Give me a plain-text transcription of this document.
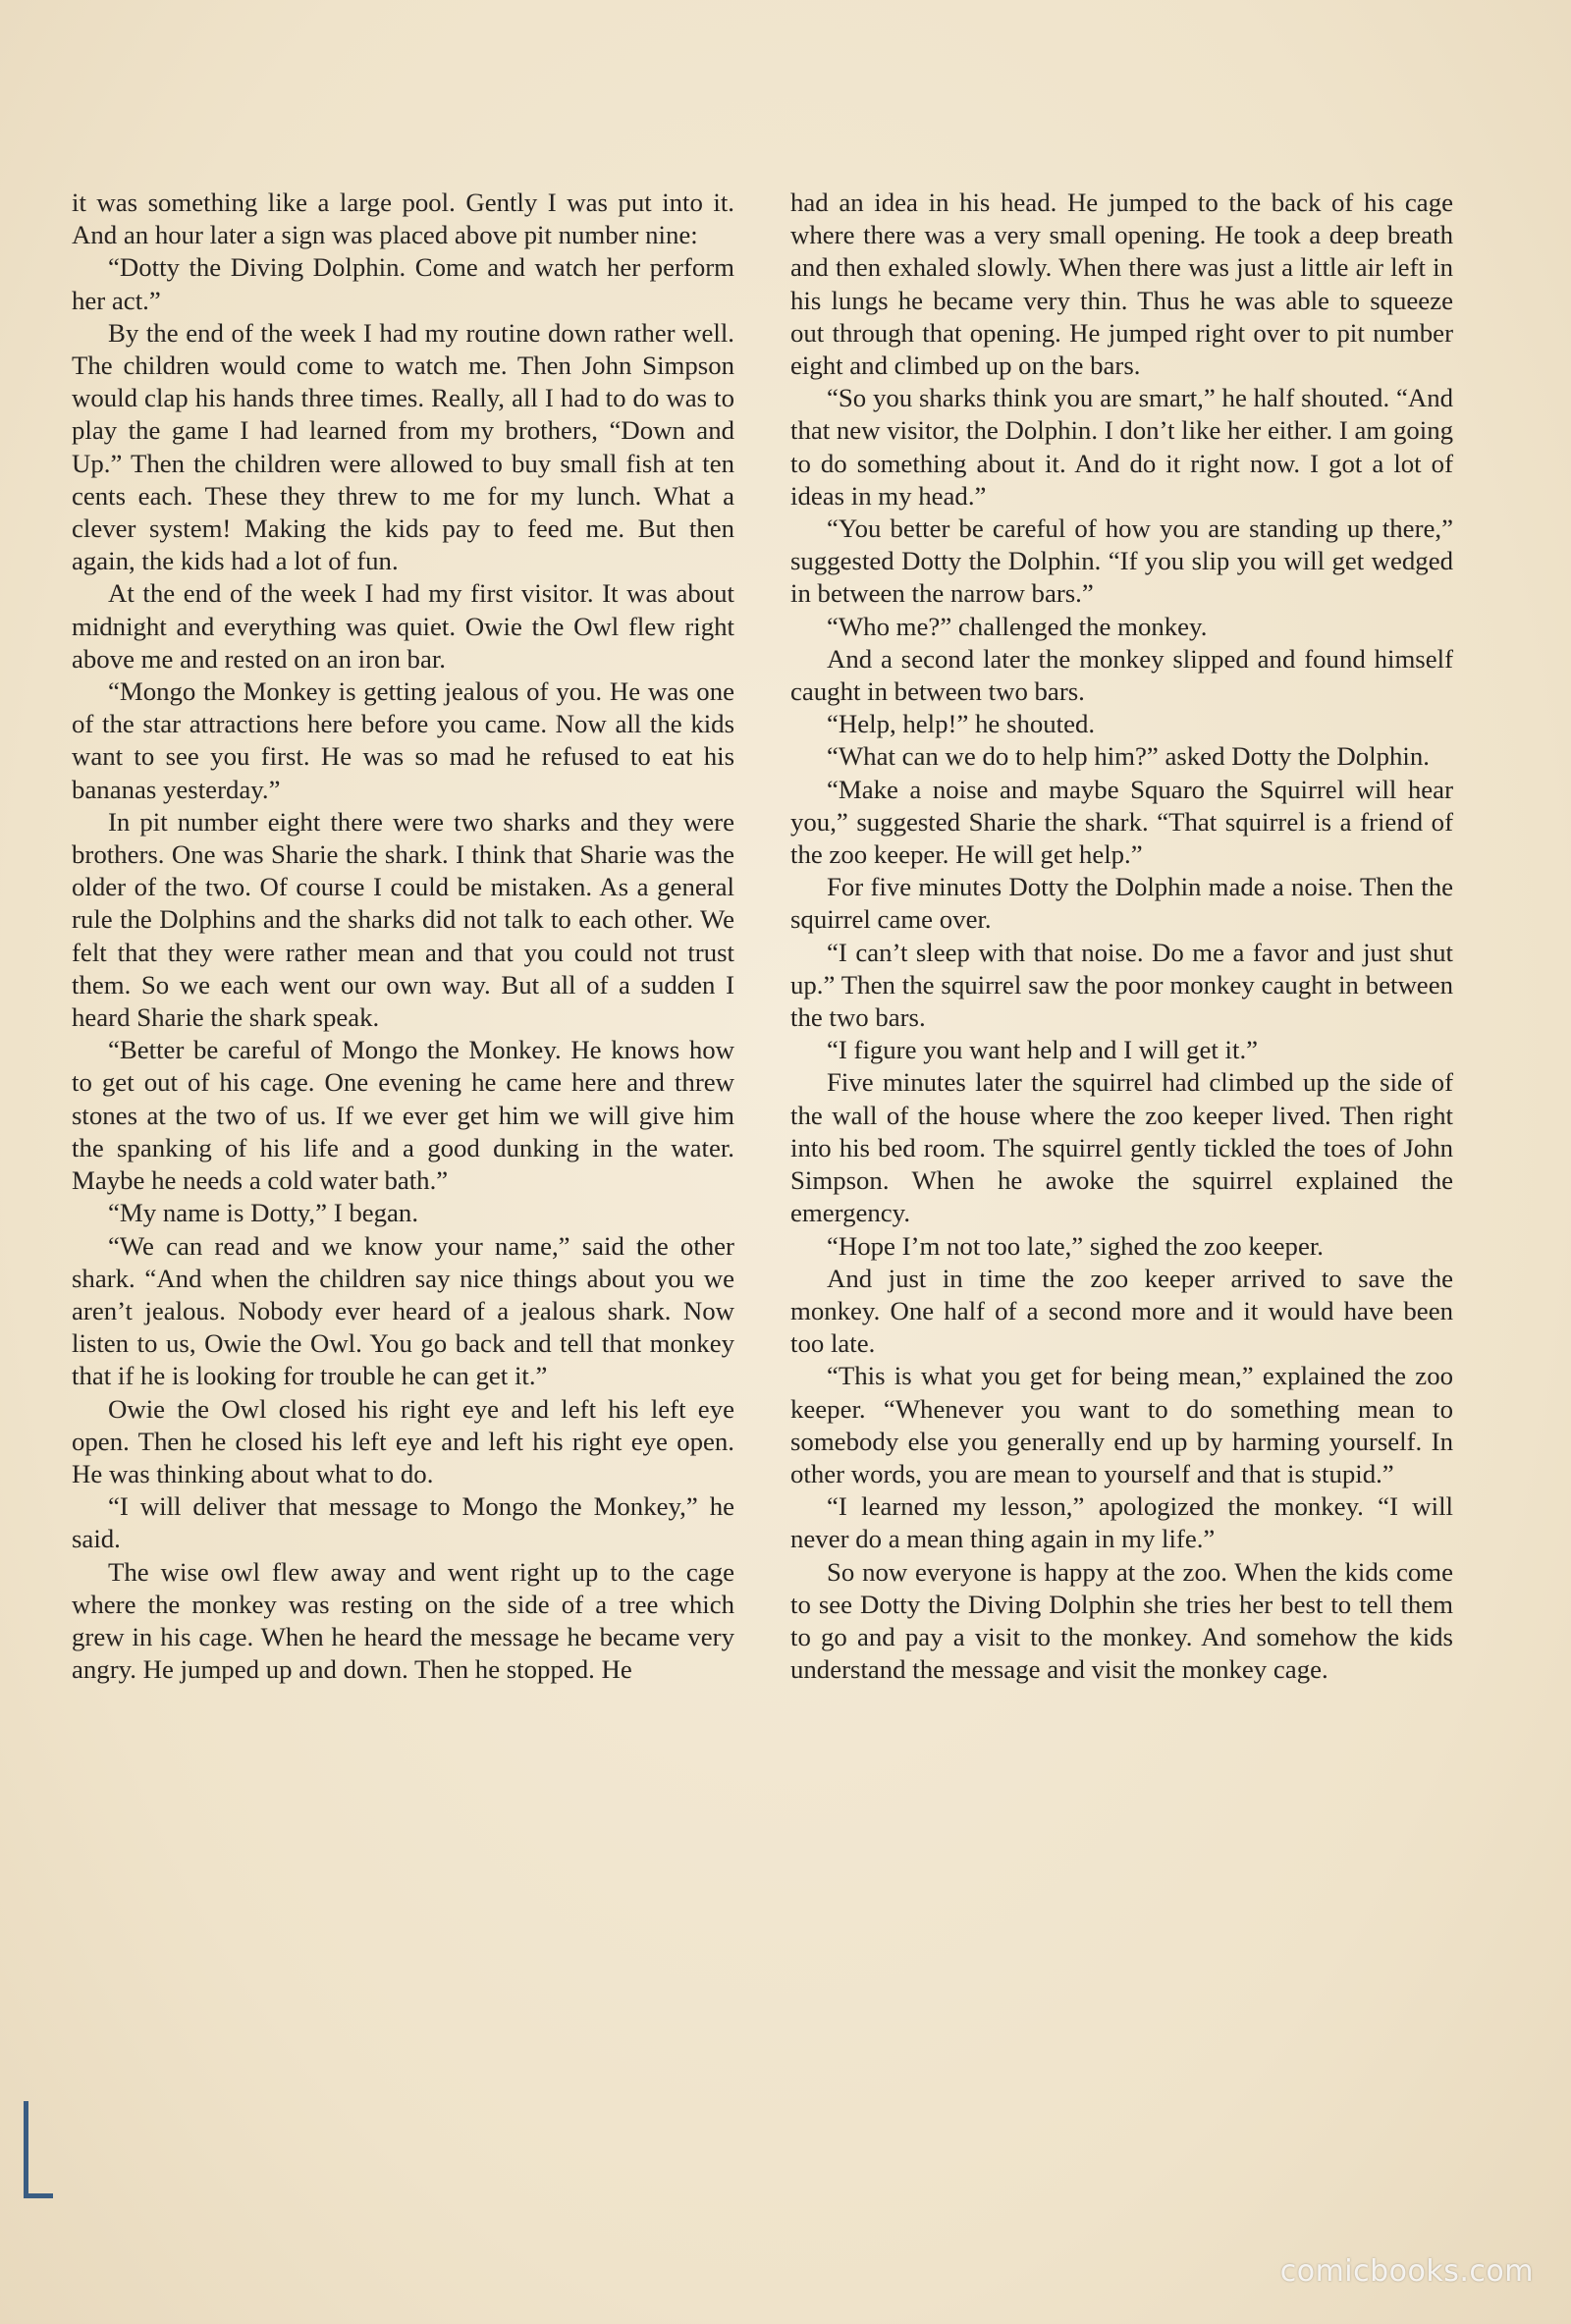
it was something like a large pool. Gently I was put into it. And an hour later a sign was placed above pit number nine:

“Dotty the Diving Dolphin. Come and watch her perform her act.”

By the end of the week I had my routine down rather well. The children would come to watch me. Then John Simpson would clap his hands three times. Really, all I had to do was to play the game I had learned from my brothers, “Down and Up.” Then the children were allowed to buy small fish at ten cents each. These they threw to me for my lunch. What a clever system! Making the kids pay to feed me. But then again, the kids had a lot of fun.

At the end of the week I had my first visitor. It was about midnight and everything was quiet. Owie the Owl flew right above me and rested on an iron bar.

“Mongo the Monkey is getting jealous of you. He was one of the star attractions here before you came. Now all the kids want to see you first. He was so mad he refused to eat his bananas yesterday.”

In pit number eight there were two sharks and they were brothers. One was Sharie the shark. I think that Sharie was the older of the two. Of course I could be mistaken. As a general rule the Dolphins and the sharks did not talk to each other. We felt that they were rather mean and that you could not trust them. So we each went our own way. But all of a sudden I heard Sharie the shark speak.

“Better be careful of Mongo the Monkey. He knows how to get out of his cage. One evening he came here and threw stones at the two of us. If we ever get him we will give him the spanking of his life and a good dunking in the water. Maybe he needs a cold water bath.”

“My name is Dotty,” I began.

“We can read and we know your name,” said the other shark. “And when the children say nice things about you we aren’t jealous. Nobody ever heard of a jealous shark. Now listen to us, Owie the Owl. You go back and tell that monkey that if he is looking for trouble he can get it.”

Owie the Owl closed his right eye and left his left eye open. Then he closed his left eye and left his right eye open. He was thinking about what to do.

“I will deliver that message to Mongo the Monkey,” he said.

The wise owl flew away and went right up to the cage where the monkey was resting on the side of a tree which grew in his cage. When he heard the message he became very angry. He jumped up and down. Then he stopped. He

had an idea in his head. He jumped to the back of his cage where there was a very small opening. He took a deep breath and then exhaled slowly. When there was just a little air left in his lungs he became very thin. Thus he was able to squeeze out through that opening. He jumped right over to pit number eight and climbed up on the bars.

“So you sharks think you are smart,” he half shouted. “And that new visitor, the Dolphin. I don’t like her either. I am going to do something about it. And do it right now. I got a lot of ideas in my head.”

“You better be careful of how you are standing up there,” suggested Dotty the Dolphin. “If you slip you will get wedged in between the narrow bars.”

“Who me?” challenged the monkey.

And a second later the monkey slipped and found himself caught in between two bars.

“Help, help!” he shouted.

“What can we do to help him?” asked Dotty the Dolphin.

“Make a noise and maybe Squaro the Squirrel will hear you,” suggested Sharie the shark. “That squirrel is a friend of the zoo keeper. He will get help.”

For five minutes Dotty the Dolphin made a noise. Then the squirrel came over.

“I can’t sleep with that noise. Do me a favor and just shut up.” Then the squirrel saw the poor monkey caught in between the two bars.

“I figure you want help and I will get it.”

Five minutes later the squirrel had climbed up the side of the wall of the house where the zoo keeper lived. Then right into his bed room. The squirrel gently tickled the toes of John Simpson. When he awoke the squirrel explained the emergency.

“Hope I’m not too late,” sighed the zoo keeper.

And just in time the zoo keeper arrived to save the monkey. One half of a second more and it would have been too late.

“This is what you get for being mean,” explained the zoo keeper. “Whenever you want to do something mean to somebody else you generally end up by harming yourself. In other words, you are mean to yourself and that is stupid.”

“I learned my lesson,” apologized the monkey. “I will never do a mean thing again in my life.”

So now everyone is happy at the zoo. When the kids come to see Dotty the Diving Dolphin she tries her best to tell them to go and pay a visit to the monkey. And somehow the kids understand the message and visit the monkey cage.

comicbooks.com
